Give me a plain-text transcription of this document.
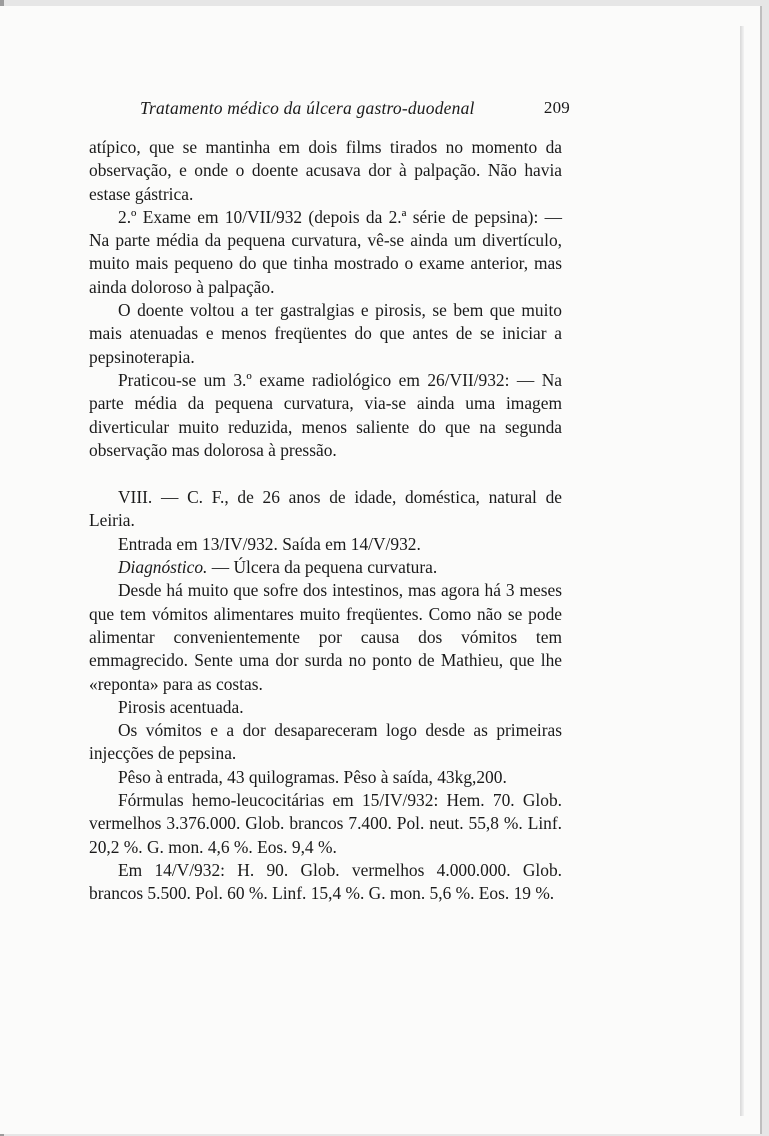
Tratamento médico da úlcera gastro-duodenal	209

atípico, que se mantinha em dois films tirados no momento da observação, e onde o doente acusava dor à palpação. Não havia estase gástrica.

2.º Exame em 10/VII/932 (depois da 2.ª série de pepsina): — Na parte média da pequena curvatura, vê-se ainda um divertículo, muito mais pequeno do que tinha mostrado o exame anterior, mas ainda doloroso à palpação.

O doente voltou a ter gastralgias e pirosis, se bem que muito mais atenuadas e menos freqüentes do que antes de se iniciar a pepsinoterapia.

Praticou-se um 3.º exame radiológico em 26/VII/932: — Na parte média da pequena curvatura, via-se ainda uma imagem diverticular muito reduzida, menos saliente do que na segunda observação mas dolorosa à pressão.

VIII. — C. F., de 26 anos de idade, doméstica, natural de Leiria.

Entrada em 13/IV/932. Saída em 14/V/932.

Diagnóstico. — Úlcera da pequena curvatura.

Desde há muito que sofre dos intestinos, mas agora há 3 meses que tem vómitos alimentares muito freqüentes. Como não se pode alimentar convenientemente por causa dos vómitos tem emmagrecido. Sente uma dor surda no ponto de Mathieu, que lhe «reponta» para as costas.

Pirosis acentuada.

Os vómitos e a dor desapareceram logo desde as primeiras injecções de pepsina.

Pêso à entrada, 43 quilogramas. Pêso à saída, 43kg,200.

Fórmulas hemo-leucocitárias em 15/IV/932: Hem. 70. Glob. vermelhos 3.376.000. Glob. brancos 7.400. Pol. neut. 55,8 %. Linf. 20,2 %. G. mon. 4,6 %. Eos. 9,4 %.

Em 14/V/932: H. 90. Glob. vermelhos 4.000.000. Glob. brancos 5.500. Pol. 60 %. Linf. 15,4 %. G. mon. 5,6 %. Eos. 19 %.
